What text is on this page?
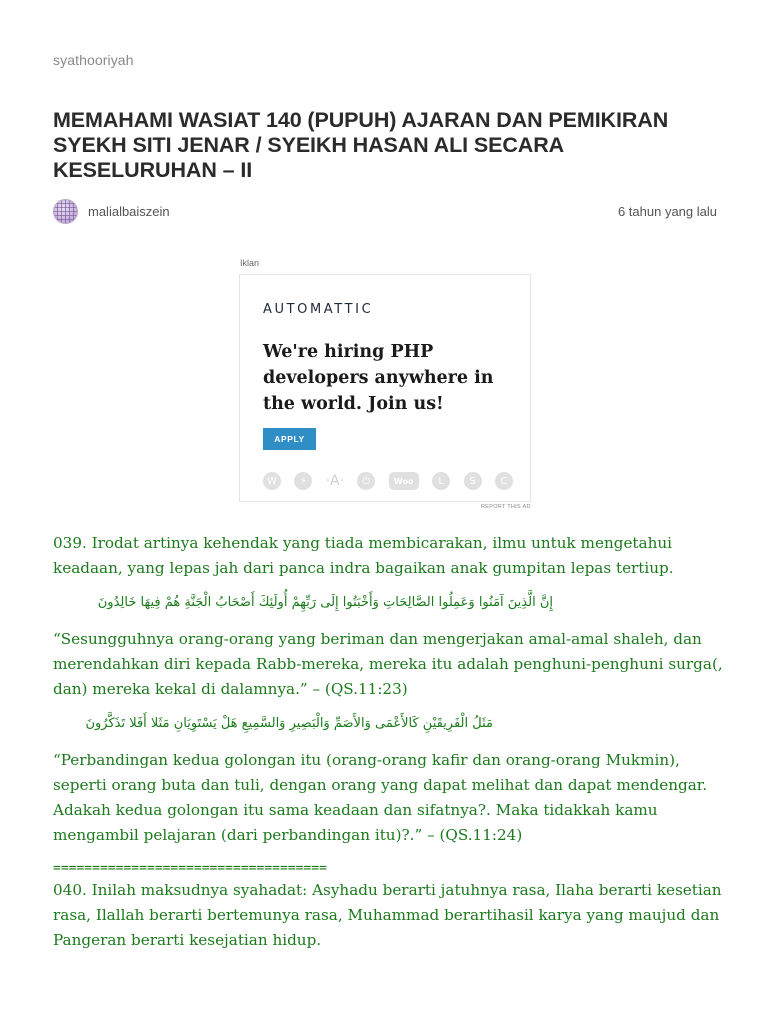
syathooriyah
MEMAHAMI WASIAT 140 (PUPUH) AJARAN DAN PEMIKIRAN SYEKH SITI JENAR / SYEIKH HASAN ALI SECARA KESELURUHAN – II
malialbaiszein	6 tahun yang lalu
Iklan
AUTOMATTIC
We're hiring PHP developers anywhere in the world. Join us!
APPLY
W	⚡	·A·	⏻	Woo	L	S	C
REPORT THIS AD

039. Irodat artinya kehendak yang tiada membicarakan, ilmu untuk mengetahui keadaan, yang lepas jah dari panca indra bagaikan anak gumpitan lepas tertiup.

إِنَّ الَّذِينَ آمَنُوا وَعَمِلُوا الصَّالِحَاتِ وَأَخْبَتُوا إِلَى رَبِّهِمْ أُولَئِكَ أَصْحَابُ الْجَنَّةِ هُمْ فِيهَا خَالِدُونَ

“Sesungguhnya orang-orang yang beriman dan mengerjakan amal-amal shaleh, dan merendahkan diri kepada Rabb-mereka, mereka itu adalah penghuni-penghuni surga(, dan) mereka kekal di dalamnya.” – (QS.11:23)

مَثَلُ الْفَرِيقَيْنِ كَالأَعْمَى وَالأَصَمِّ وَالْبَصِيرِ وَالسَّمِيعِ هَلْ يَسْتَوِيَانِ مَثَلا أَفَلا تَذَكَّرُونَ

“Perbandingan kedua golongan itu (orang-orang kafir dan orang-orang Mukmin), seperti orang buta dan tuli, dengan orang yang dapat melihat dan dapat mendengar. Adakah kedua golongan itu sama keadaan dan sifatnya?. Maka tidakkah kamu mengambil pelajaran (dari perbandingan itu)?.” – (QS.11:24)

===================================

040. Inilah maksudnya syahadat: Asyhadu berarti jatuhnya rasa, Ilaha berarti kesetian rasa, Ilallah berarti bertemunya rasa, Muhammad berartihasil karya yang maujud dan Pangeran berarti kesejatian hidup.
